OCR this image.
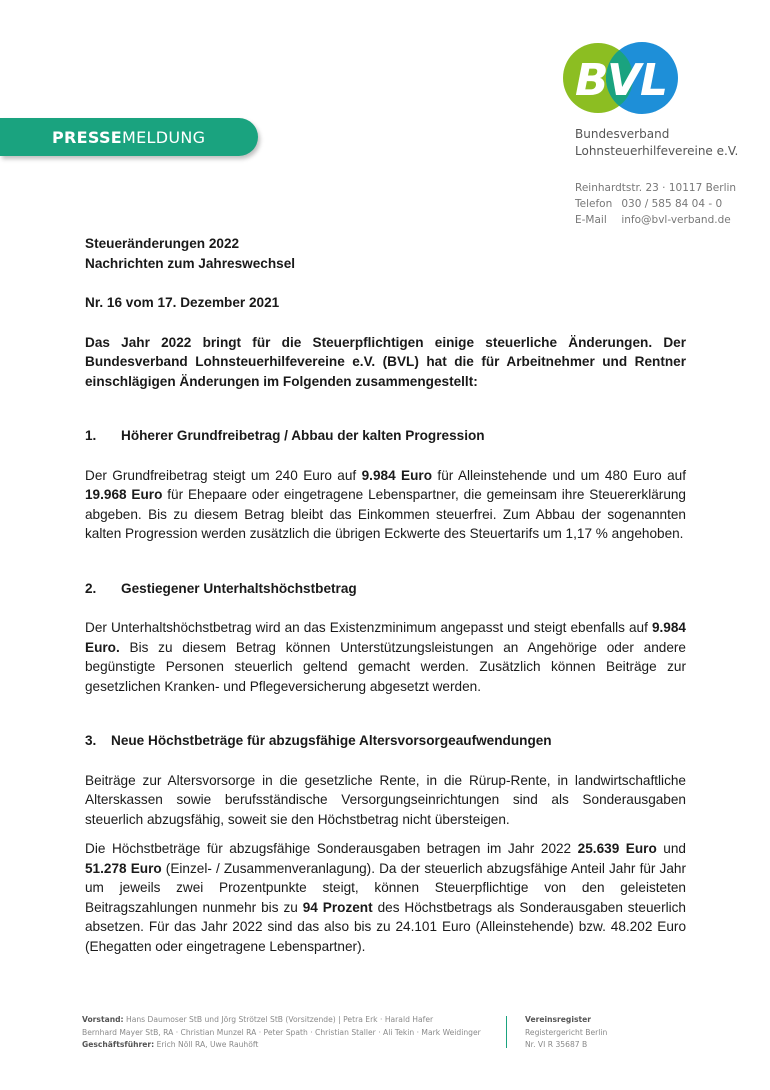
PRESSEMELDUNG
B
V
L
Bundesverband
Lohnsteuerhilfevereine e.V.
Reinhardtstr. 23 · 10117 Berlin
Telefon 030 / 585 84 04 - 0
E-Mail info@bvl-verband.de
Steueränderungen 2022
Nachrichten zum Jahreswechsel
Nr. 16 vom 17. Dezember 2021

Das Jahr 2022 bringt für die Steuerpflichtigen einige steuerliche Änderungen. Der Bundesverband Lohnsteuerhilfevereine e.V. (BVL) hat die für Arbeitnehmer und Rentner einschlägigen Änderungen im Folgenden zusammengestellt:

1. Höherer Grundfreibetrag / Abbau der kalten Progression

Der Grundfreibetrag steigt um 240 Euro auf 9.984 Euro für Alleinstehende und um 480 Euro auf 19.968 Euro für Ehepaare oder eingetragene Lebenspartner, die gemeinsam ihre Steuererklärung abgeben. Bis zu diesem Betrag bleibt das Einkommen steuerfrei. Zum Abbau der sogenannten kalten Progression werden zusätzlich die übrigen Eckwerte des Steuertarifs um 1,17 % angehoben.

2. Gestiegener Unterhaltshöchstbetrag

Der Unterhaltshöchstbetrag wird an das Existenzminimum angepasst und steigt ebenfalls auf 9.984 Euro. Bis zu diesem Betrag können Unterstützungsleistungen an Angehörige oder andere begünstigte Personen steuerlich geltend gemacht werden. Zusätzlich können Beiträge zur gesetzlichen Kranken- und Pflegeversicherung abgesetzt werden.

3. Neue Höchstbeträge für abzugsfähige Altersvorsorgeaufwendungen

Beiträge zur Altersvorsorge in die gesetzliche Rente, in die Rürup-Rente, in landwirtschaftliche Alterskassen sowie berufsständische Versorgungseinrichtungen sind als Sonderausgaben steuerlich abzugsfähig, soweit sie den Höchstbetrag nicht übersteigen.

Die Höchstbeträge für abzugsfähige Sonderausgaben betragen im Jahr 2022 25.639 Euro und 51.278 Euro (Einzel- / Zusammenveranlagung). Da der steuerlich abzugsfähige Anteil Jahr für Jahr um jeweils zwei Prozentpunkte steigt, können Steuerpflichtige von den geleisteten Beitragszahlungen nunmehr bis zu 94 Prozent des Höchstbetrags als Sonderausgaben steuerlich absetzen. Für das Jahr 2022 sind das also bis zu 24.101 Euro (Alleinstehende) bzw. 48.202 Euro (Ehegatten oder eingetragene Lebenspartner).

Vorstand: Hans Daumoser StB und Jörg Strötzel StB (Vorsitzende) | Petra Erk · Harald Hafer
Bernhard Mayer StB, RA · Christian Munzel RA · Peter Spath · Christian Staller · Ali Tekin · Mark Weidinger
Geschäftsführer: Erich Nöll RA, Uwe Rauhöft
Vereinsregister
Registergericht Berlin
Nr. VI R 35687 B
